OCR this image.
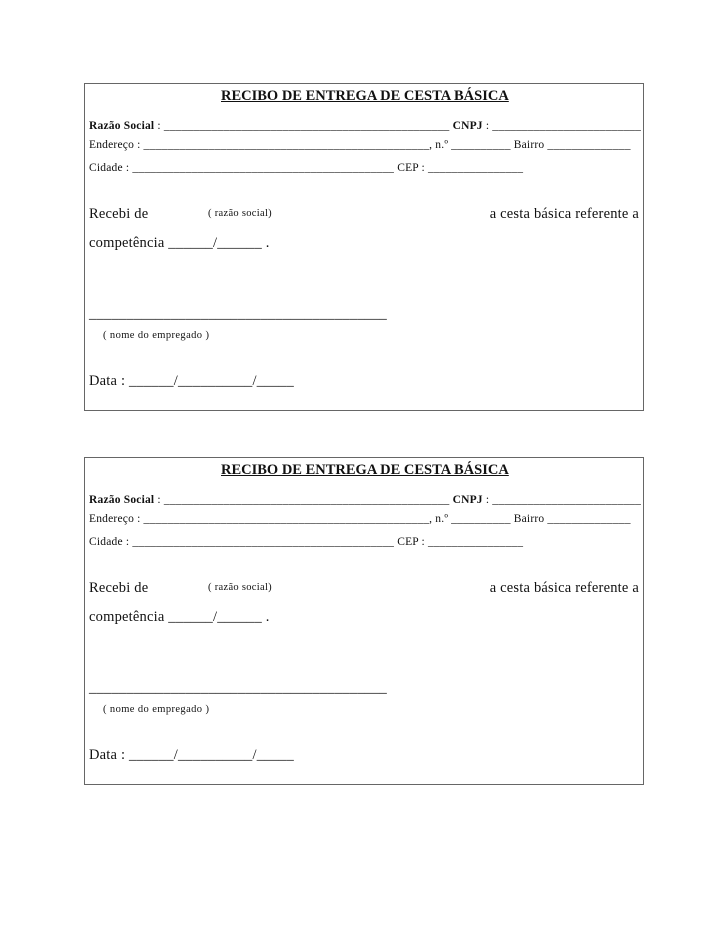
RECIBO DE ENTREGA DE CESTA BÁSICA
Razão Social : ________________________________________________ CNPJ : _________________________
Endereço : ________________________________________________, n.º __________ Bairro ______________
Cidade : ____________________________________________ CEP : ________________
Recebi de	( razão social)	a cesta básica referente a
competência ______/______ .
________________________________________
( nome do empregado )
Data : ______/__________/_____
RECIBO DE ENTREGA DE CESTA BÁSICA
Razão Social : ________________________________________________ CNPJ : _________________________
Endereço : ________________________________________________, n.º __________ Bairro ______________
Cidade : ____________________________________________ CEP : ________________
Recebi de	( razão social)	a cesta básica referente a
competência ______/______ .
________________________________________
( nome do empregado )
Data : ______/__________/_____
